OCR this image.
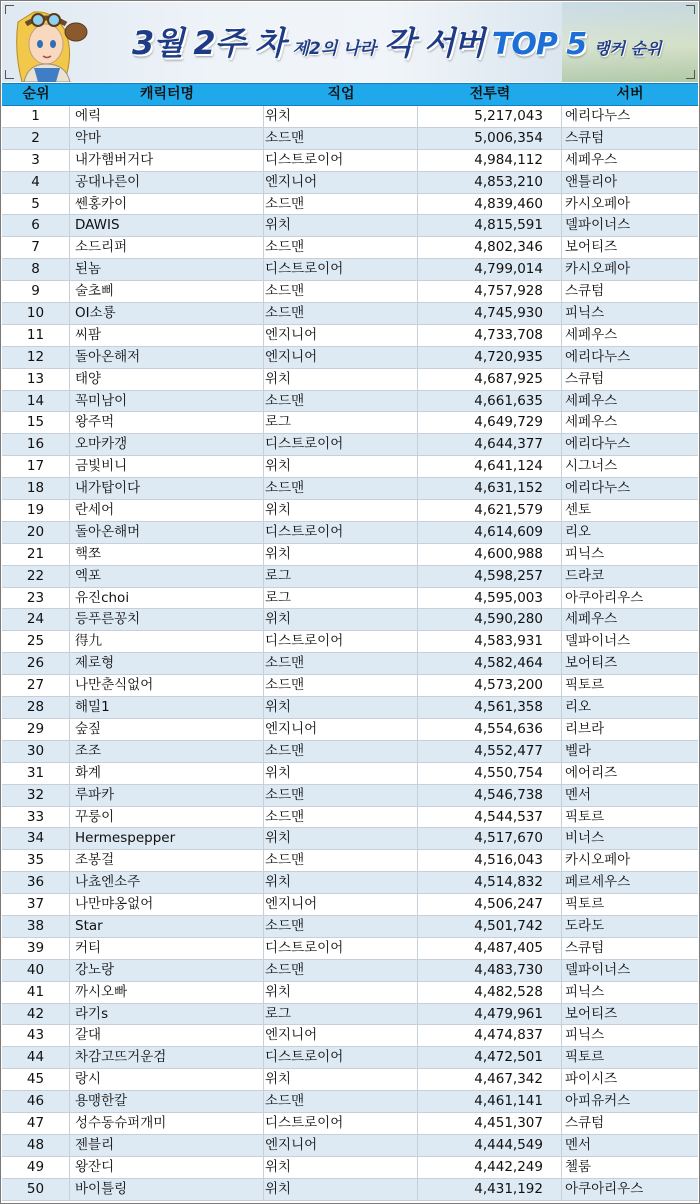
3월 2주 차 제2의 나라 각 서버 TOP 5 랭커 순위
순위	캐릭터명	직업	전투력	서버
1	에릭	위치	5,217,043	에리다누스
2	악마	소드맨	5,006,354	스큐텀
3	내가햄버거다	디스트로이어	4,984,112	세페우스
4	공대나른이	엔지니어	4,853,210	앤틀리아
5	쎈홍카이	소드맨	4,839,460	카시오페아
6	DAWIS	위치	4,815,591	델파이너스
7	소드리퍼	소드맨	4,802,346	보어티즈
8	된놈	디스트로이어	4,799,014	카시오페아
9	술초삐	소드맨	4,757,928	스큐텀
10	OI소룡	소드맨	4,745,930	피닉스
11	씨팜	엔지니어	4,733,708	세페우스
12	돌아온해저	엔지니어	4,720,935	에리다누스
13	태양	위치	4,687,925	스큐텀
14	꼭미남이	소드맨	4,661,635	세페우스
15	왕주먹	로그	4,649,729	세페우스
16	오마카갱	디스트로이어	4,644,377	에리다누스
17	금빛비니	위치	4,641,124	시그너스
18	내가탑이다	소드맨	4,631,152	에리다누스
19	란세어	위치	4,621,579	센토
20	돌아온해머	디스트로이어	4,614,609	리오
21	핵쪼	위치	4,600,988	피닉스
22	엑포	로그	4,598,257	드라코
23	유진choi	로그	4,595,003	아쿠아리우스
24	등푸른꽁치	위치	4,590,280	세페우스
25	得九	디스트로이어	4,583,931	델파이너스
26	제로형	소드맨	4,582,464	보어티즈
27	나만춘식없어	소드맨	4,573,200	픽토르
28	해밀1	위치	4,561,358	리오
29	숲짚	엔지니어	4,554,636	리브라
30	조조	소드맨	4,552,477	벨라
31	화계	위치	4,550,754	에어리즈
32	루파카	소드맨	4,546,738	멘서
33	꾸룽이	소드맨	4,544,537	픽토르
34	Hermespepper	위치	4,517,670	비너스
35	조봉걸	소드맨	4,516,043	카시오페아
36	나쵸엔소주	위치	4,514,832	페르세우스
37	나만먀옹없어	엔지니어	4,506,247	픽토르
38	Star	소드맨	4,501,742	도라도
39	커티	디스트로이어	4,487,405	스큐텀
40	강노랑	소드맨	4,483,730	델파이너스
41	까시오빠	위치	4,482,528	피닉스
42	라기s	로그	4,479,961	보어티즈
43	갈대	엔지니어	4,474,837	피닉스
44	차감고뜨거운검	디스트로이어	4,472,501	픽토르
45	랑시	위치	4,467,342	파이시즈
46	용맹한칼	소드맨	4,461,141	아피유커스
47	성수동슈퍼개미	디스트로이어	4,451,307	스큐텀
48	젠블리	엔지니어	4,444,549	멘서
49	왕잔디	위치	4,442,249	첼룸
50	바이틀링	위치	4,431,192	아쿠아리우스
